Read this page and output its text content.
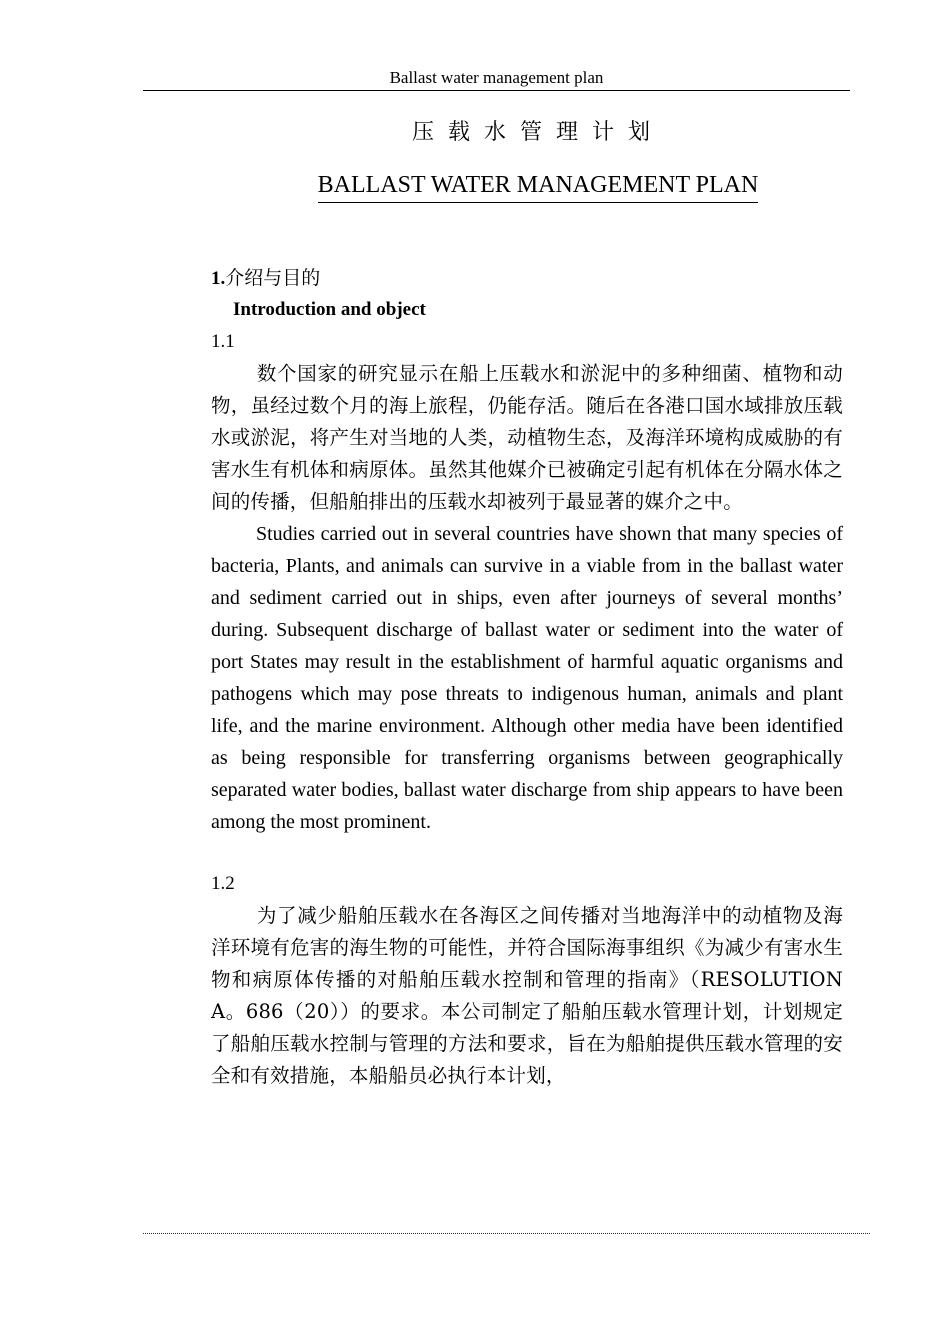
Ballast water management plan
压载水管理计划
BALLAST WATER MANAGEMENT PLAN
1.介绍与目的
Introduction and object
1.1

数个国家的研究显示在船上压载水和淤泥中的多种细菌、植物和动物，虽经过数个月的海上旅程，仍能存活。随后在各港口国水域排放压载水或淤泥，将产生对当地的人类，动植物生态，及海洋环境构成威胁的有害水生有机体和病原体。虽然其他媒介已被确定引起有机体在分隔水体之间的传播，但船舶排出的压载水却被列于最显著的媒介之中。

Studies carried out in several countries have shown that many species of bacteria, Plants, and animals can survive in a viable from in the ballast water and sediment carried out in ships, even after journeys of several months’ during. Subsequent discharge of ballast water or sediment into the water of port States may result in the establishment of harmful aquatic organisms and pathogens which may pose threats to indigenous human, animals and plant life, and the marine environment. Although other media have been identified as being responsible for transferring organisms between geographically separated water bodies, ballast water discharge from ship appears to have been among the most prominent.

1.2

为了减少船舶压载水在各海区之间传播对当地海洋中的动植物及海洋环境有危害的海生物的可能性，并符合国际海事组织《为减少有害水生物和病原体传播的对船舶压载水控制和管理的指南》（RESOLUTION　A。686（20））的要求。本公司制定了船舶压载水管理计划，计划规定了船舶压载水控制与管理的方法和要求，旨在为船舶提供压载水管理的安全和有效措施，本船船员必执行本计划，
